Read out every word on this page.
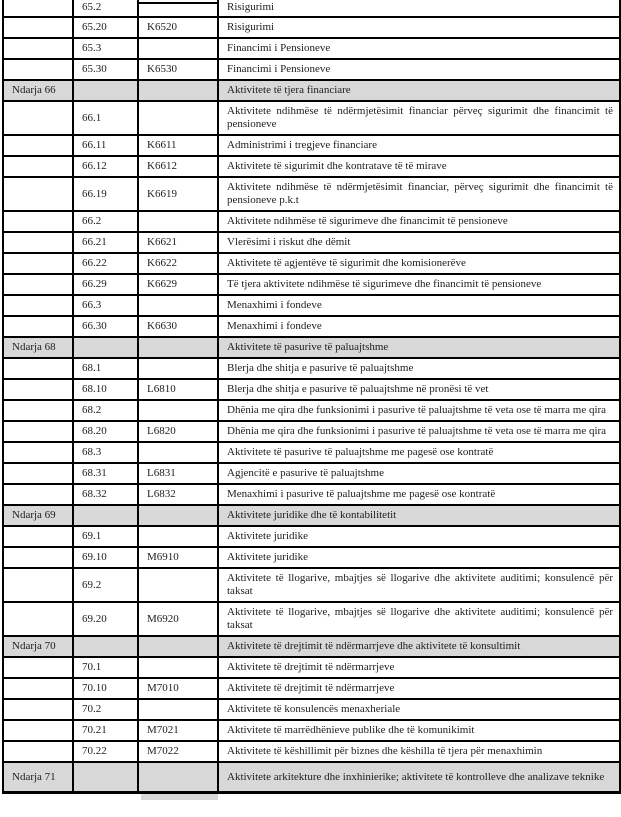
	65.2		Risigurimi
	65.20	K6520	Risigurimi
	65.3		Financimi i Pensioneve
	65.30	K6530	Financimi i Pensioneve
Ndarja 66			Aktivitete të tjera financiare
	66.1		Aktivitete ndihmëse të ndërmjetësimit financiar përveç sigurimit dhe financimit të pensioneve
	66.11	K6611	Administrimi i tregjeve financiare
	66.12	K6612	Aktivitete të sigurimit dhe kontratave të të mirave
	66.19	K6619	Aktivitete ndihmëse të ndërmjetësimit financiar, përveç sigurimit dhe financimit të pensioneve p.k.t
	66.2		Aktivitete ndihmëse të sigurimeve dhe financimit të pensioneve
	66.21	K6621	Vlerësimi i riskut dhe dëmit
	66.22	K6622	Aktivitete të agjentëve të sigurimit dhe komisionerëve
	66.29	K6629	Të tjera aktivitete ndihmëse të sigurimeve dhe financimit të pensioneve
	66.3		Menaxhimi i fondeve
	66.30	K6630	Menaxhimi i fondeve
Ndarja 68			Aktivitete të pasurive të paluajtshme
	68.1		Blerja dhe shitja e pasurive të paluajtshme
	68.10	L6810	Blerja dhe shitja e pasurive të paluajtshme në pronësi të vet
	68.2		Dhënia me qira dhe funksionimi i pasurive të paluajtshme të veta ose të marra me qira
	68.20	L6820	Dhënia me qira dhe funksionimi i pasurive të paluajtshme të veta ose të marra me qira
	68.3		Aktivitete të pasurive të paluajtshme me pagesë ose kontratë
	68.31	L6831	Agjencitë e pasurive të paluajtshme
	68.32	L6832	Menaxhimi i pasurive të paluajtshme me pagesë ose kontratë
Ndarja 69			Aktivitete juridike dhe të kontabilitetit
	69.1		Aktivitete juridike
	69.10	M6910	Aktivitete juridike
	69.2		Aktivitete të llogarive, mbajtjes së llogarive dhe aktivitete auditimi; konsulencë për taksat
	69.20	M6920	Aktivitete të llogarive, mbajtjes së llogarive dhe aktivitete auditimi; konsulencë për taksat
Ndarja 70			Aktivitete të drejtimit të ndërmarrjeve dhe aktivitete të konsultimit
	70.1		Aktivitete të drejtimit të ndërmarrjeve
	70.10	M7010	Aktivitete të drejtimit të ndërmarrjeve
	70.2		Aktivitete të konsulencës menaxheriale
	70.21	M7021	Aktivitete të marrëdhënieve publike dhe të komunikimit
	70.22	M7022	Aktivitete të këshillimit për biznes dhe këshilla të tjera për menaxhimin
Ndarja 71			Aktivitete arkitekture dhe inxhinierike; aktivitete të kontrolleve dhe analizave teknike
